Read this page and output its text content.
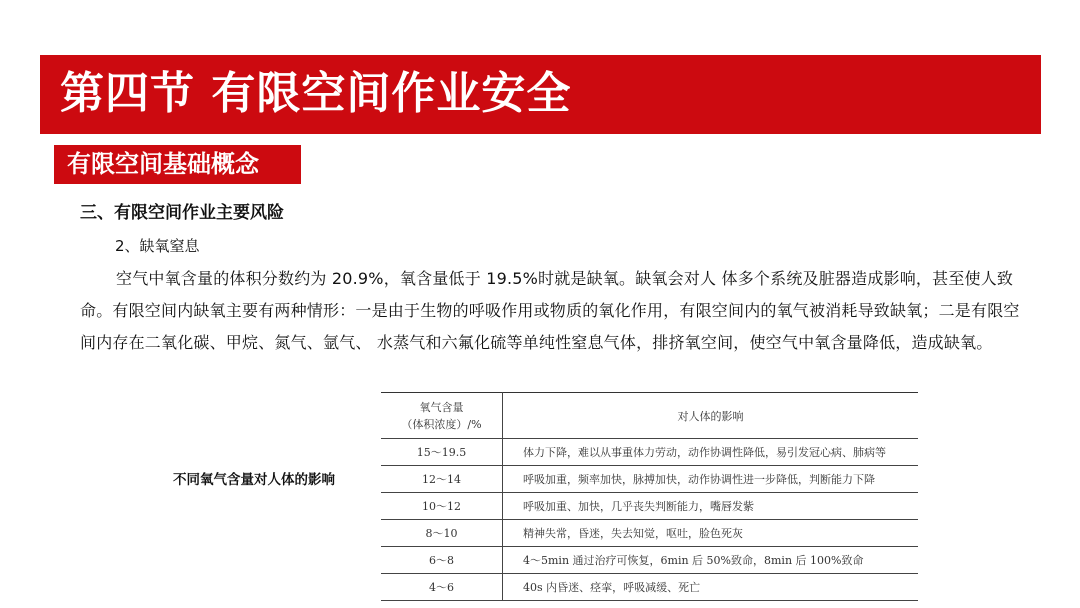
第四节 有限空间作业安全
有限空间基础概念
三、有限空间作业主要风险
2、缺氧窒息
空气中氧含量的体积分数约为 20.9%，氧含量低于 19.5%时就是缺氧。缺氧会对人 体多个系统及脏器造成影响，甚至使人致命。有限空间内缺氧主要有两种情形：一是由于生物的呼吸作用或物质的氧化作用，有限空间内的氧气被消耗导致缺氧；二是有限空间内存在二氧化碳、甲烷、氮气、氩气、 水蒸气和六氟化硫等单纯性窒息气体，排挤氧空间，使空气中氧含量降低，造成缺氧。
不同氧气含量对人体的影响
氧气含量
（体积浓度）/%	对人体的影响
15～19.5	体力下降，难以从事重体力劳动，动作协调性降低，易引发冠心病、肺病等
12～14	呼吸加重，频率加快，脉搏加快，动作协调性进一步降低，判断能力下降
10～12	呼吸加重、加快，几乎丧失判断能力，嘴唇发紫
8～10	精神失常，昏迷，失去知觉，呕吐，脸色死灰
6～8	4～5min 通过治疗可恢复，6min 后 50%致命，8min 后 100%致命
4～6	40s 内昏迷、痉挛，呼吸减缓、死亡
